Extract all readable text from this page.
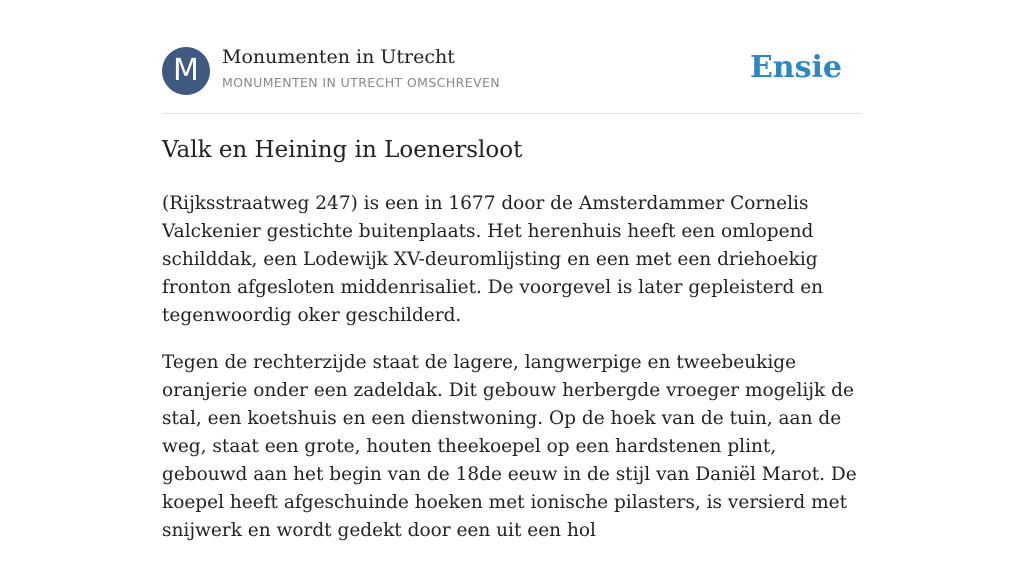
M	Monumenten in Utrecht
MONUMENTEN IN UTRECHT OMSCHREVEN	Ensie
Valk en Heining in Loenersloot

(Rijksstraatweg 247) is een in 1677 door de Amsterdammer Cornelis Valckenier gestichte buitenplaats. Het herenhuis heeft een omlopend schilddak, een Lodewijk XV-deuromlijsting en een met een driehoekig fronton afgesloten middenrisaliet. De voorgevel is later gepleisterd en tegenwoordig oker geschilderd.

Tegen de rechterzijde staat de lagere, langwerpige en tweebeukige oranjerie onder een zadeldak. Dit gebouw herbergde vroeger mogelijk de stal, een koetshuis en een dienstwoning. Op de hoek van de tuin, aan de weg, staat een grote, houten theekoepel op een hardstenen plint, gebouwd aan het begin van de 18de eeuw in de stijl van Daniël Marot. De koepel heeft afgeschuinde hoeken met ionische pilasters, is versierd met snijwerk en wordt gedekt door een uit een hol
